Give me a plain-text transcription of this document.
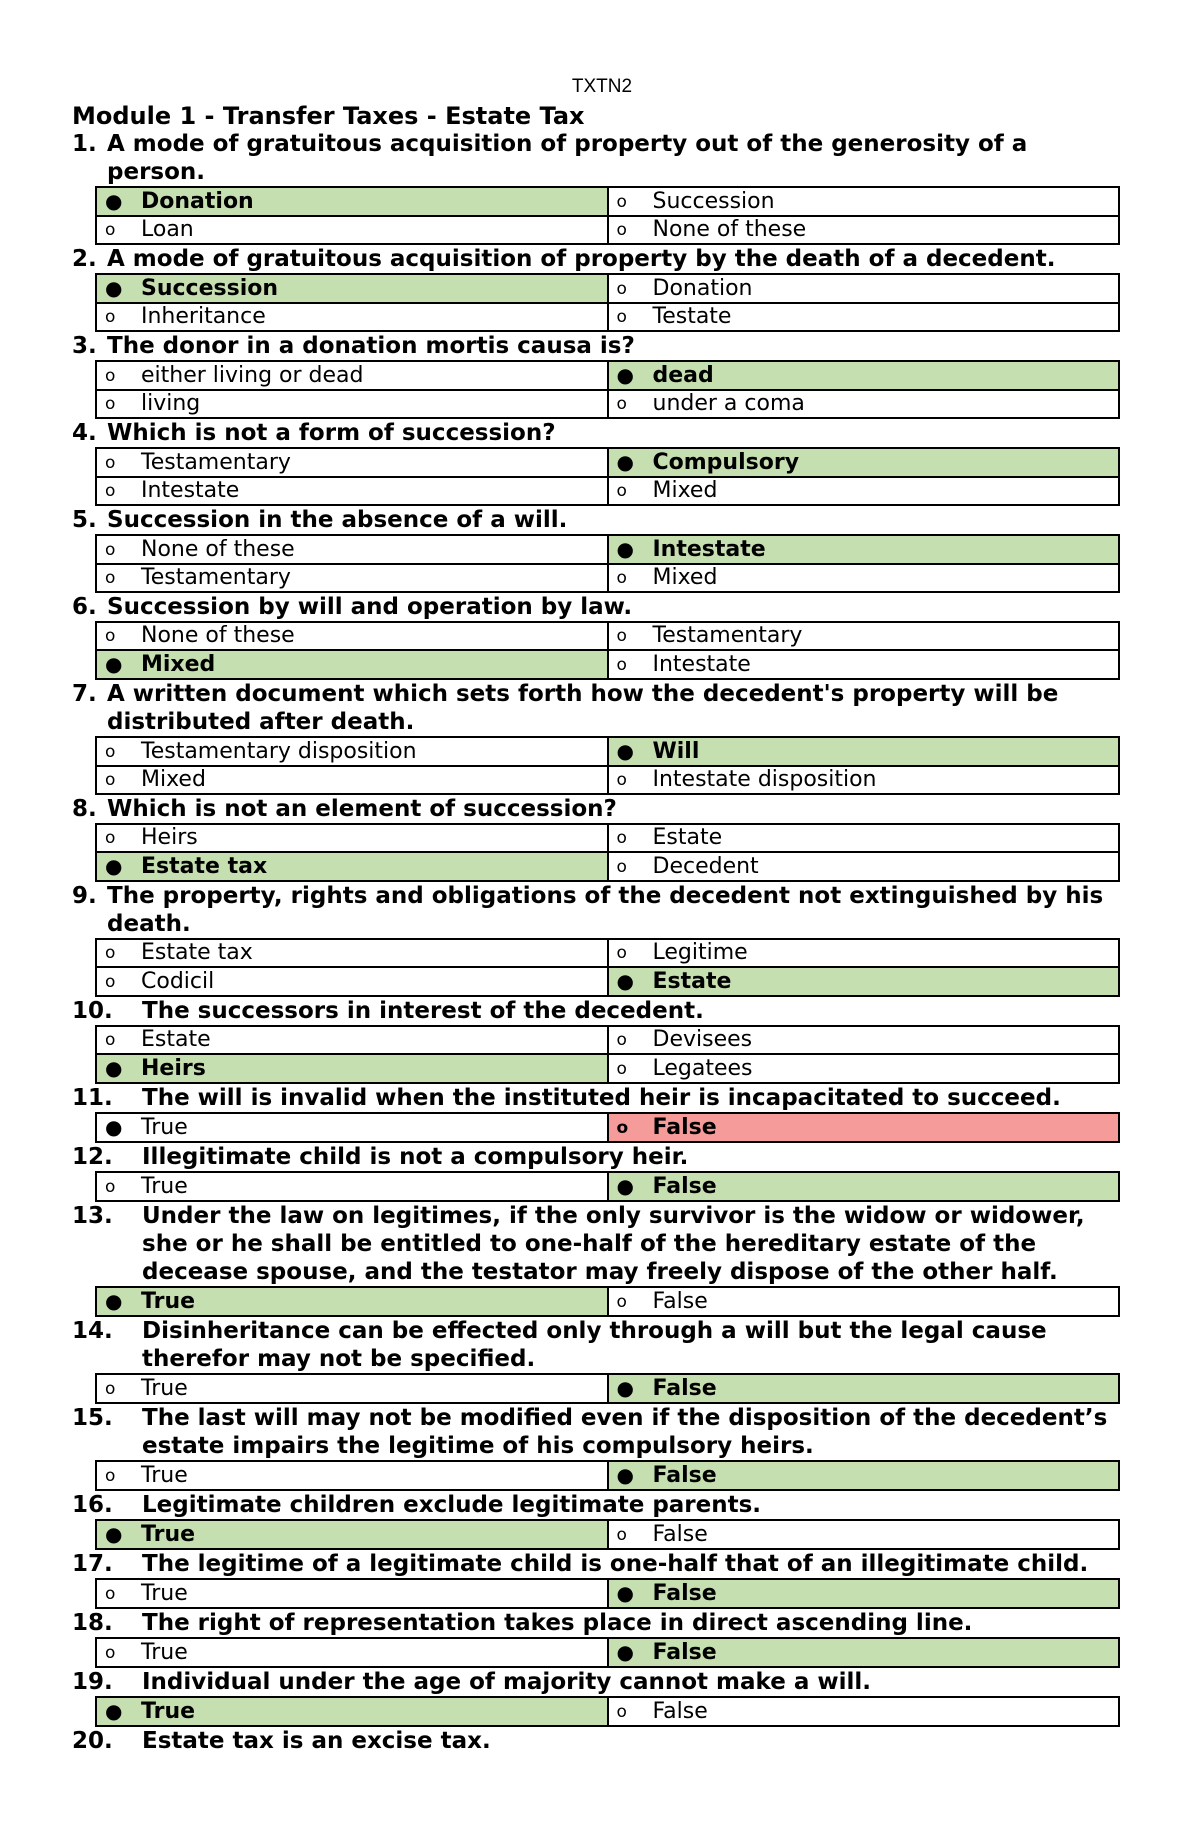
TXTN2
Module 1 - Transfer Taxes - Estate Tax
1. A mode of gratuitous acquisition of property out of the generosity of a person.
● Donation	o Succession
o Loan	o None of these
2. A mode of gratuitous acquisition of property by the death of a decedent.
● Succession	o Donation
o Inheritance	o Testate
3. The donor in a donation mortis causa is?
o either living or dead	● dead
o living	o under a coma
4. Which is not a form of succession?
o Testamentary	● Compulsory
o Intestate	o Mixed
5. Succession in the absence of a will.
o None of these	● Intestate
o Testamentary	o Mixed
6. Succession by will and operation by law.
o None of these	o Testamentary
● Mixed	o Intestate
7. A written document which sets forth how the decedent's property will be distributed after death.
o Testamentary disposition	● Will
o Mixed	o Intestate disposition
8. Which is not an element of succession?
o Heirs	o Estate
● Estate tax	o Decedent
9. The property, rights and obligations of the decedent not extinguished by his death.
o Estate tax	o Legitime
o Codicil	● Estate
10.	The successors in interest of the decedent.
o Estate	o Devisees
● Heirs	o Legatees
11.	The will is invalid when the instituted heir is incapacitated to succeed.
● True	o False
12.	Illegitimate child is not a compulsory heir.
o True	● False
13.	Under the law on legitimes, if the only survivor is the widow or widower, she or he shall be entitled to one-half of the hereditary estate of the decease spouse, and the testator may freely dispose of the other half.
● True	o False
14.	Disinheritance can be effected only through a will but the legal cause therefor may not be specified.
o True	● False
15.	The last will may not be modified even if the disposition of the decedent’s estate impairs the legitime of his compulsory heirs.
o True	● False
16.	Legitimate children exclude legitimate parents.
● True	o False
17.	The legitime of a legitimate child is one-half that of an illegitimate child.
o True	● False
18.	The right of representation takes place in direct ascending line.
o True	● False
19.	Individual under the age of majority cannot make a will.
● True	o False
20.	Estate tax is an excise tax.
